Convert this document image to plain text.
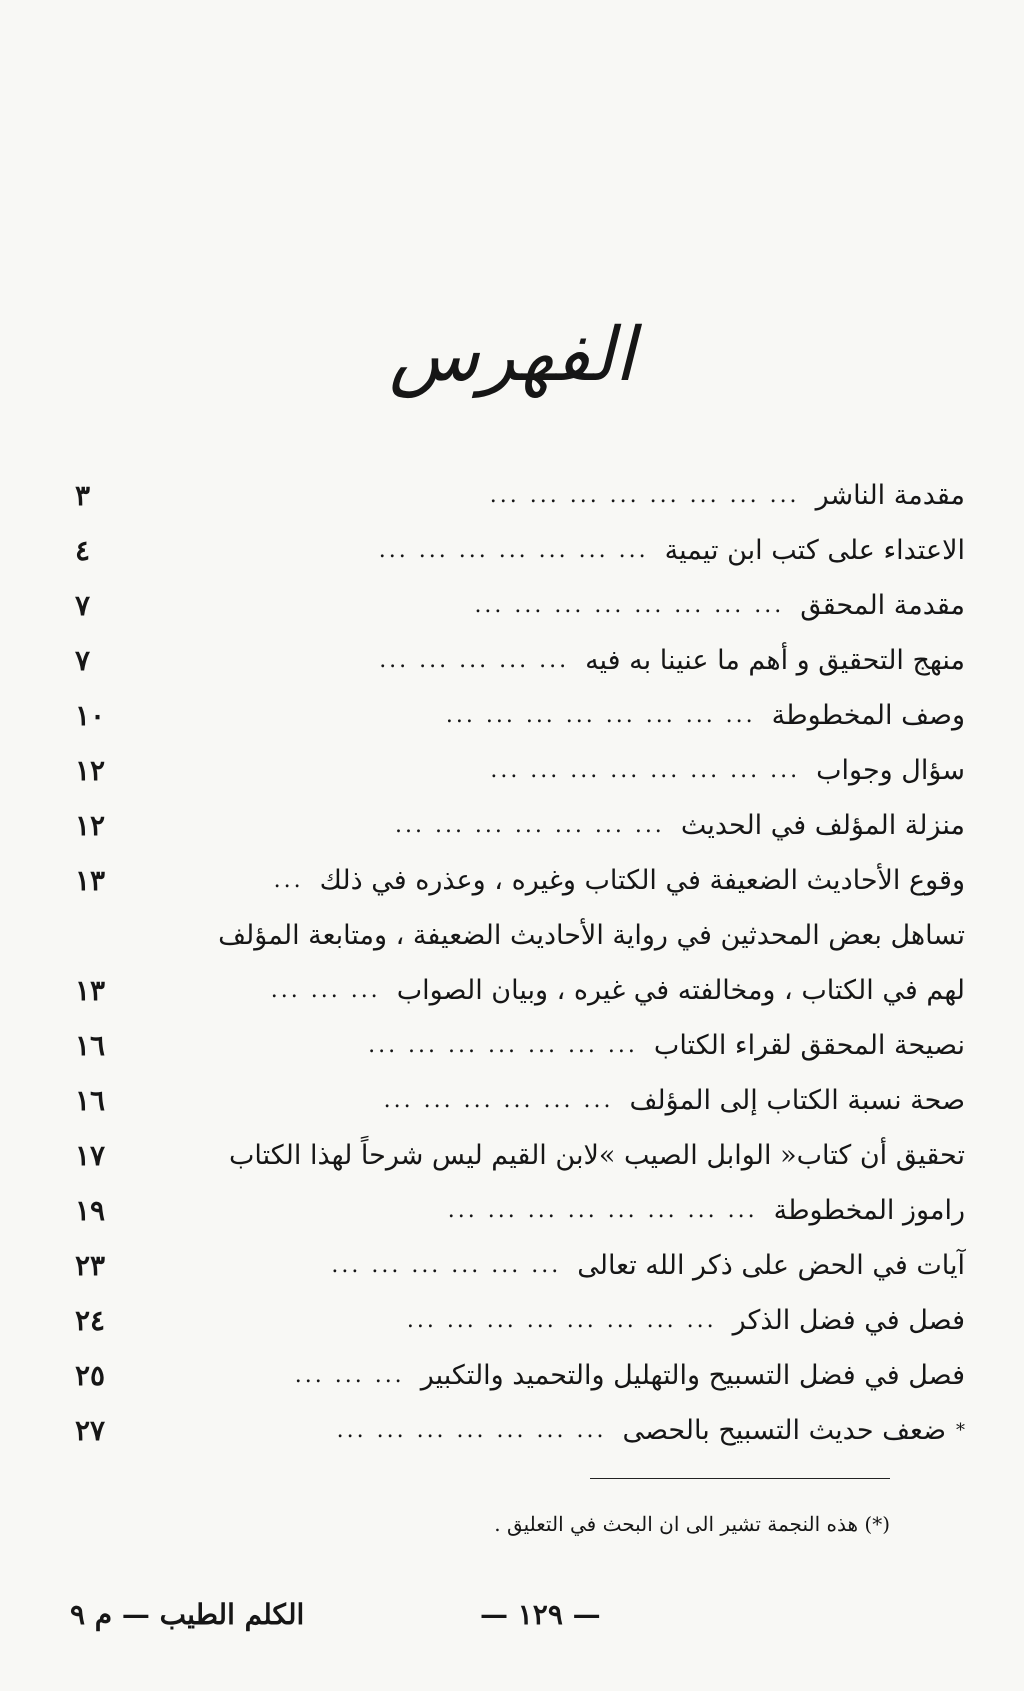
الفهرس
مقدمة الناشر
... ... ... ... ... ... ... ...
٣
الاعتداء على كتب ابن تيمية
... ... ... ... ... ... ...
٤
مقدمة المحقق
... ... ... ... ... ... ... ...
٧
منهج التحقيق و أهم ما عنينا به فيه
... ... ... ... ...
٧
وصف المخطوطة
... ... ... ... ... ... ... ...
١٠
سؤال وجواب
... ... ... ... ... ... ... ...
١٢
منزلة المؤلف في الحديث
... ... ... ... ... ... ...
١٢
وقوع الأحاديث الضعيفة في الكتاب وغيره ، وعذره في ذلك
...
١٣
تساهل بعض المحدثين في رواية الأحاديث الضعيفة ، ومتابعة المؤلف
لهم في الكتاب ، ومخالفته في غيره ، وبيان الصواب
... ... ...
١٣
نصيحة المحقق لقراء الكتاب
... ... ... ... ... ... ...
١٦
صحة نسبة الكتاب إلى المؤلف
... ... ... ... ... ...
١٦
تحقيق أن كتاب« الوابل الصيب »لابن القيم ليس شرحاً لهذا الكتاب
١٧
راموز المخطوطة
... ... ... ... ... ... ... ...
١٩
آيات في الحض على ذكر الله تعالى
... ... ... ... ... ...
٢٣
فصل في فضل الذكر
... ... ... ... ... ... ... ...
٢٤
فصل في فضل التسبيح والتهليل والتحميد والتكبير
... ... ...
٢٥
*
ضعف حديث التسبيح بالحصى
... ... ... ... ... ... ...
٢٧
(*) هذه النجمة تشير الى ان البحث في التعليق .
الكلم الطيب — م ٩	— ١٢٩ —
